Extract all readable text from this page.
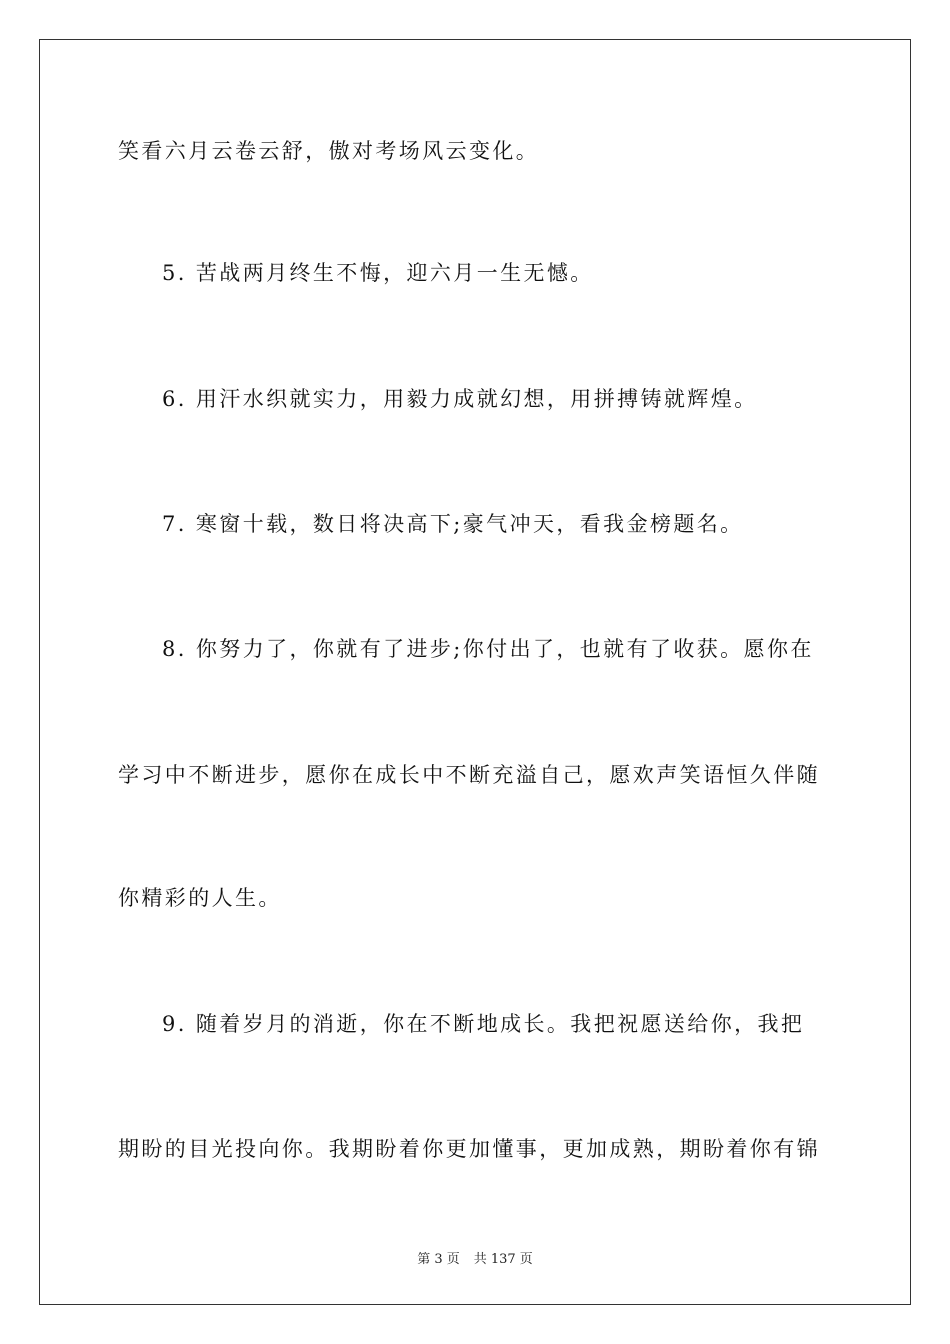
笑看六月云卷云舒，傲对考场风云变化。
5. 苦战两月终生不悔，迎六月一生无憾。
6. 用汗水织就实力，用毅力成就幻想，用拼搏铸就辉煌。
7. 寒窗十载，数日将决高下;豪气冲天，看我金榜题名。
8. 你努力了，你就有了进步;你付出了，也就有了收获。愿你在
学习中不断进步，愿你在成长中不断充溢自己，愿欢声笑语恒久伴随
你精彩的人生。
9. 随着岁月的消逝，你在不断地成长。我把祝愿送给你，我把
期盼的目光投向你。我期盼着你更加懂事，更加成熟，期盼着你有锦
第 3 页 共 137 页
